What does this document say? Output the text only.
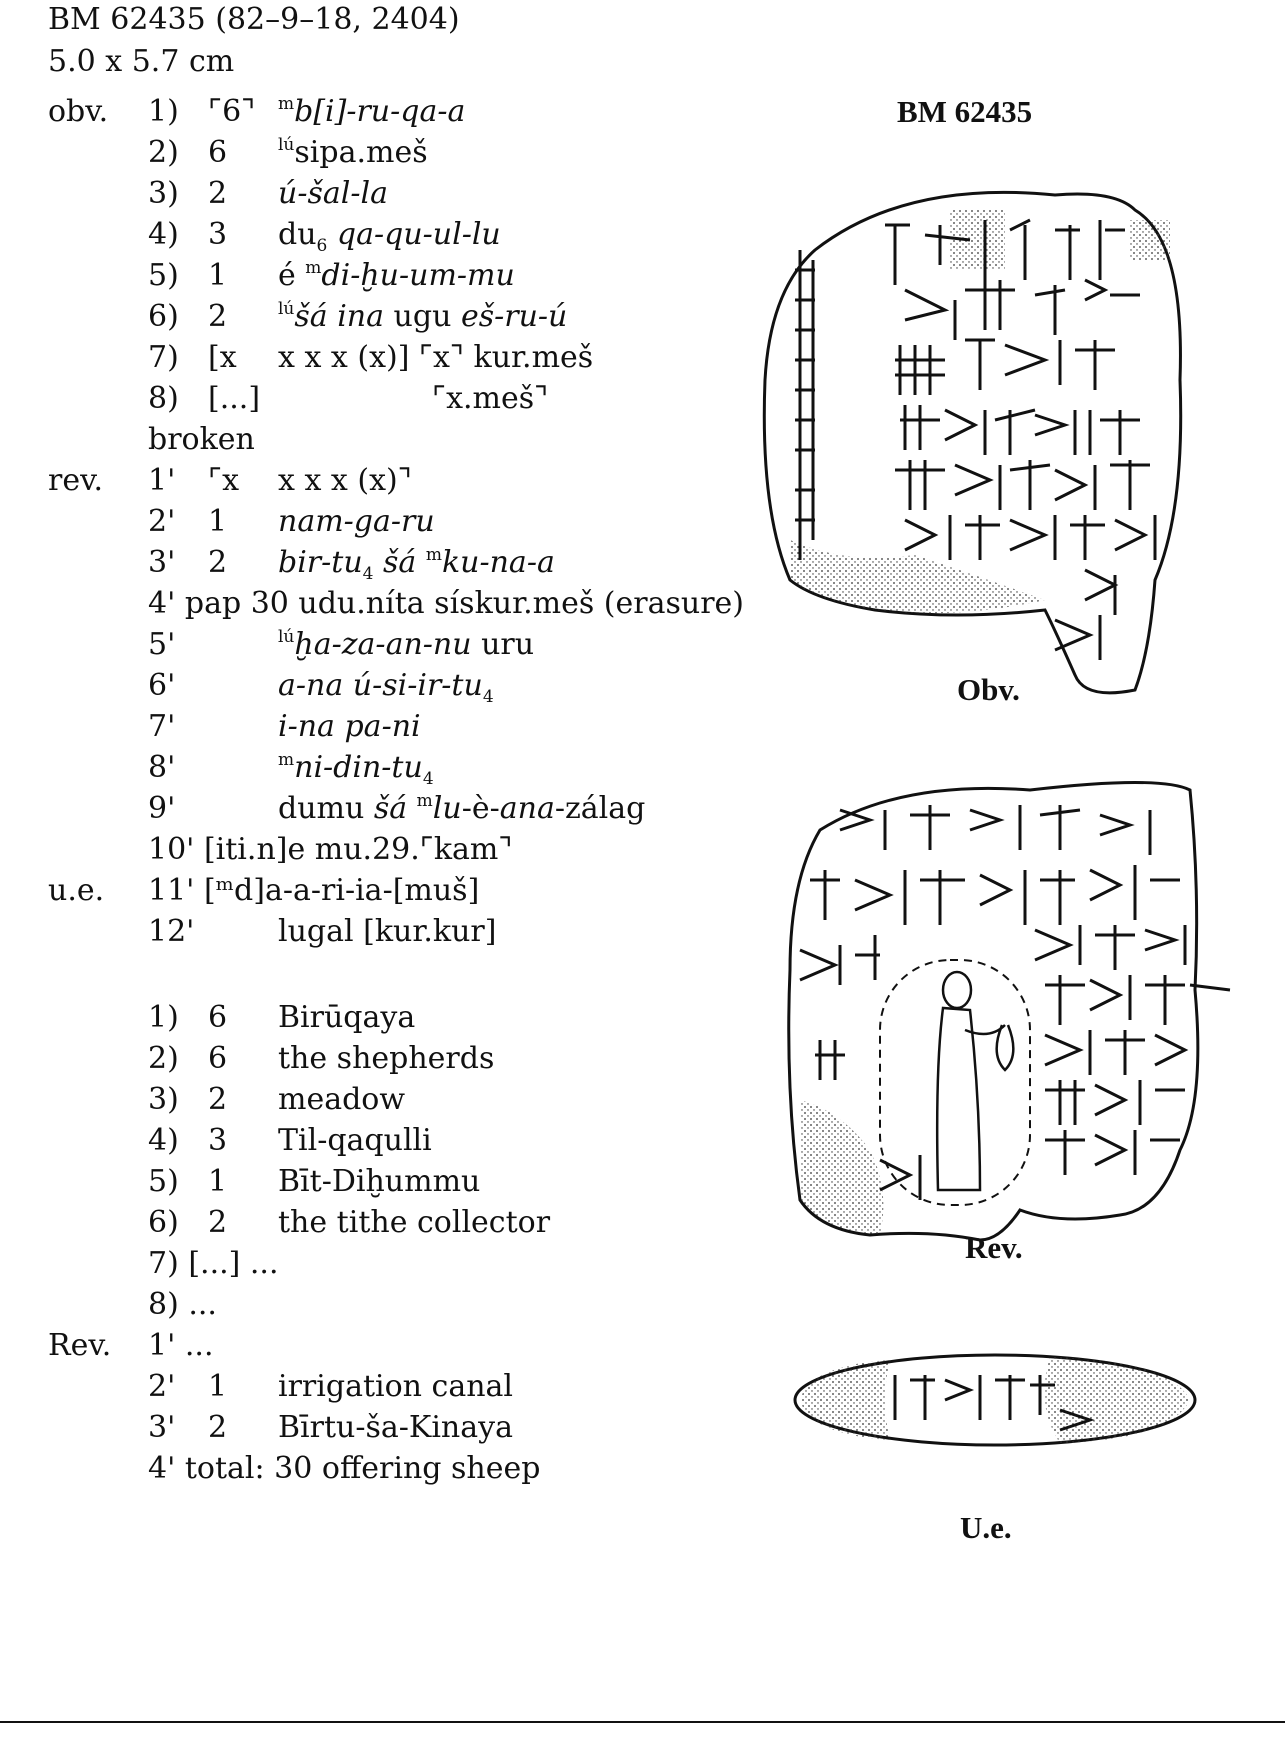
BM 62435 (82–9–18, 2404)
5.0 x 5.7 cm
obv. 1) ⌜6⌝ $^m$b[i]-ru-qa-a
2) 6	$^{lú}$sipa.meš
3) 2 ú-šal-la
4) 3 $du_6$ qa-qu-ul-lu
5) 1 é $^m$di-ḫu-um-mu
6) 2	$^{lú}$šá ina ugu eš-ru-ú
7) [x x x x (x)] ⌜x⌝ kur.meš
8) [...]	⌜x.meš⌝
broken
rev. 1' ⌜x x x x (x)⌝
2' 1 nam-ga-ru
3' 2 bir-$tu_4$ šá $^m$ku-na-a
4' pap 30 udu.níta sískur.meš (erasure)
5'	$^{lú}$ḫa-za-an-nu uru
6'	a-na $ú-si-ir-tu_4$
7'	i-na pa-ni
8'	$^mni-din-tu_4$
9'	dumu šá $^m$lu-è-ana-zálag
10' [iti.n]e mu.29.⌜kam⌝
u.e. 11' [ᵐd]a-a-ri-ia-[muš]
12'	lugal [kur.kur]
1) 6 Birūqaya
2) 6 the shepherds
3) 2 meadow
4) 3 Til-qaqulli
5) 1 Bīt-Diḫummu
6) 2 the tithe collector
7) [...] ...
8) ...
Rev. 1' ...
2' 1 irrigation canal
3' 2 Bīrtu-ša-Kinaya
4' total: 30 offering sheep
BM 62435
Obv.
Rev.
U.e.
